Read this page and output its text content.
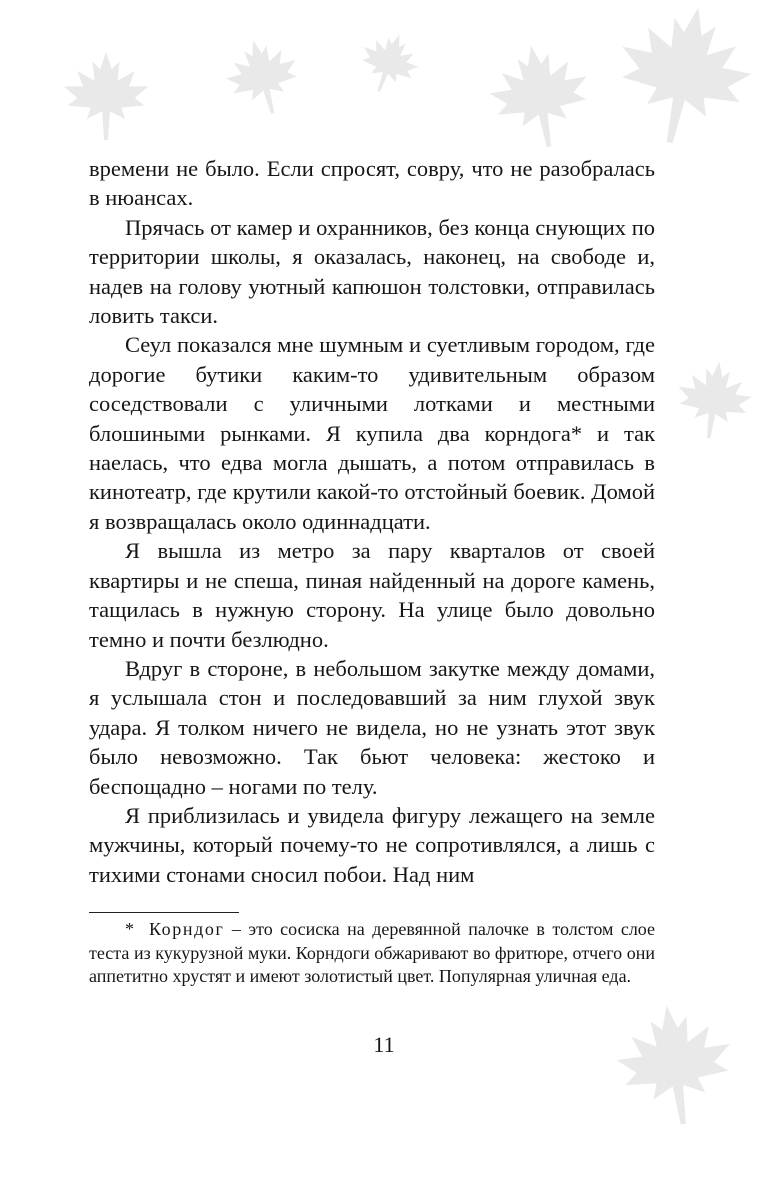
времени не было. Если спросят, совру, что не разобралась в нюансах.

Прячась от камер и охранников, без конца снующих по территории школы, я оказалась, наконец, на свободе и, надев на голову уютный капюшон толстовки, отправилась ловить такси.

Сеул показался мне шумным и суетливым городом, где дорогие бутики каким-то удивительным образом соседствовали с уличными лотками и местными блошиными рынками. Я купила два корндога* и так наелась, что едва могла дышать, а потом отправилась в кинотеатр, где крутили какой-то отстойный боевик. Домой я возвращалась около одиннадцати.

Я вышла из метро за пару кварталов от своей квартиры и не спеша, пиная найденный на дороге камень, тащилась в нужную сторону. На улице было довольно темно и почти безлюдно.

Вдруг в стороне, в небольшом закутке между домами, я услышала стон и последовавший за ним глухой звук удара. Я толком ничего не видела, но не узнать этот звук было невозможно. Так бьют человека: жестоко и беспощадно – ногами по телу.

Я приблизилась и увидела фигуру лежащего на земле мужчины, который почему-то не сопротивлялся, а лишь с тихими стонами сносил побои. Над ним

* Корндог – это сосиска на деревянной палочке в толстом слое теста из кукурузной муки. Корндоги обжаривают во фритюре, отчего они аппетитно хрустят и имеют золотистый цвет. Популярная уличная еда.
11
